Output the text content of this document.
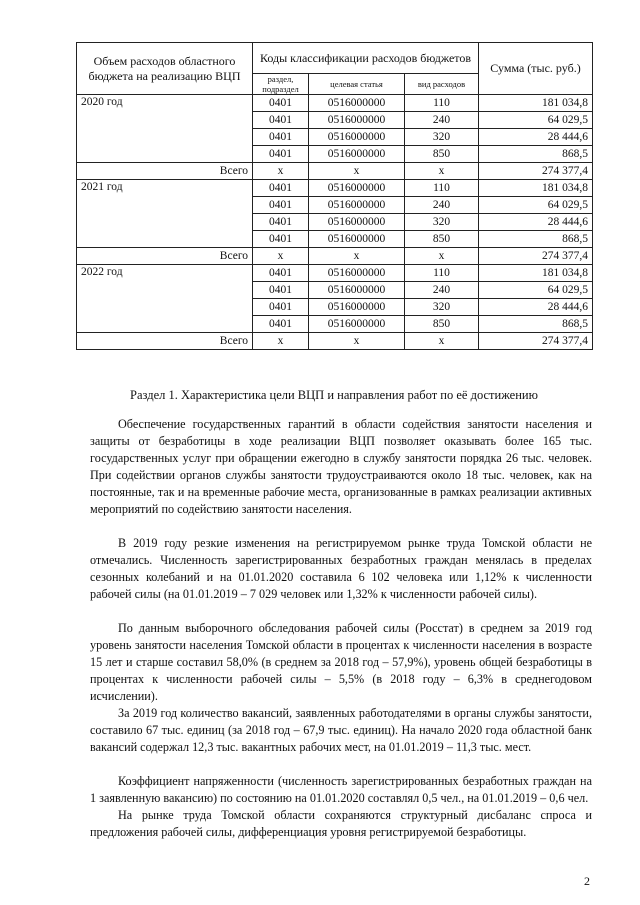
Объем расходов областного бюджета на реализацию ВЦП	Коды классификации расходов бюджетов			Сумма (тыс. руб.)
	раздел, подраздел	целевая статья	вид расходов	
2020 год	0401	0516000000	110	181 034,8
	0401	0516000000	240	64 029,5
	0401	0516000000	320	28 444,6
	0401	0516000000	850	868,5
Всего	х	х	х	274 377,4
2021 год	0401	0516000000	110	181 034,8
	0401	0516000000	240	64 029,5
	0401	0516000000	320	28 444,6
	0401	0516000000	850	868,5
Всего	х	х	х	274 377,4
2022 год	0401	0516000000	110	181 034,8
	0401	0516000000	240	64 029,5
	0401	0516000000	320	28 444,6
	0401	0516000000	850	868,5
Всего	х	х	х	274 377,4
Раздел 1. Характеристика цели ВЦП и направления работ по её достижению

Обеспечение государственных гарантий в области содействия занятости населения и защиты от безработицы в ходе реализации ВЦП позволяет оказывать более 165 тыс. государственных услуг при обращении ежегодно в службу занятости порядка 26 тыс. человек. При содействии органов службы занятости трудоустраиваются около 18 тыс. человек, как на постоянные, так и на временные рабочие места, организованные в рамках реализации активных мероприятий по содействию занятости населения.

В 2019 году резкие изменения на регистрируемом рынке труда Томской области не отмечались. Численность зарегистрированных безработных граждан менялась в пределах сезонных колебаний и на 01.01.2020 составила 6 102 человека или 1,12% к численности рабочей силы (на 01.01.2019 – 7 029 человек или 1,32% к численности рабочей силы).

По данным выборочного обследования рабочей силы (Росстат) в среднем за 2019 год уровень занятости населения Томской области в процентах к численности населения в возрасте 15 лет и старше составил 58,0% (в среднем за 2018 год – 57,9%), уровень общей безработицы в процентах к численности рабочей силы – 5,5% (в 2018 году – 6,3% в среднегодовом исчислении).

За 2019 год количество вакансий, заявленных работодателями в органы службы занятости, составило 67 тыс. единиц (за 2018 год – 67,9 тыс. единиц). На начало 2020 года областной банк вакансий содержал 12,3 тыс. вакантных рабочих мест, на 01.01.2019 – 11,3 тыс. мест.

Коэффициент напряженности (численность зарегистрированных безработных граждан на 1 заявленную вакансию) по состоянию на 01.01.2020 составлял 0,5 чел., на 01.01.2019 – 0,6 чел.

На рынке труда Томской области сохраняются структурный дисбаланс спроса и предложения рабочей силы, дифференциация уровня регистрируемой безработицы.

2
